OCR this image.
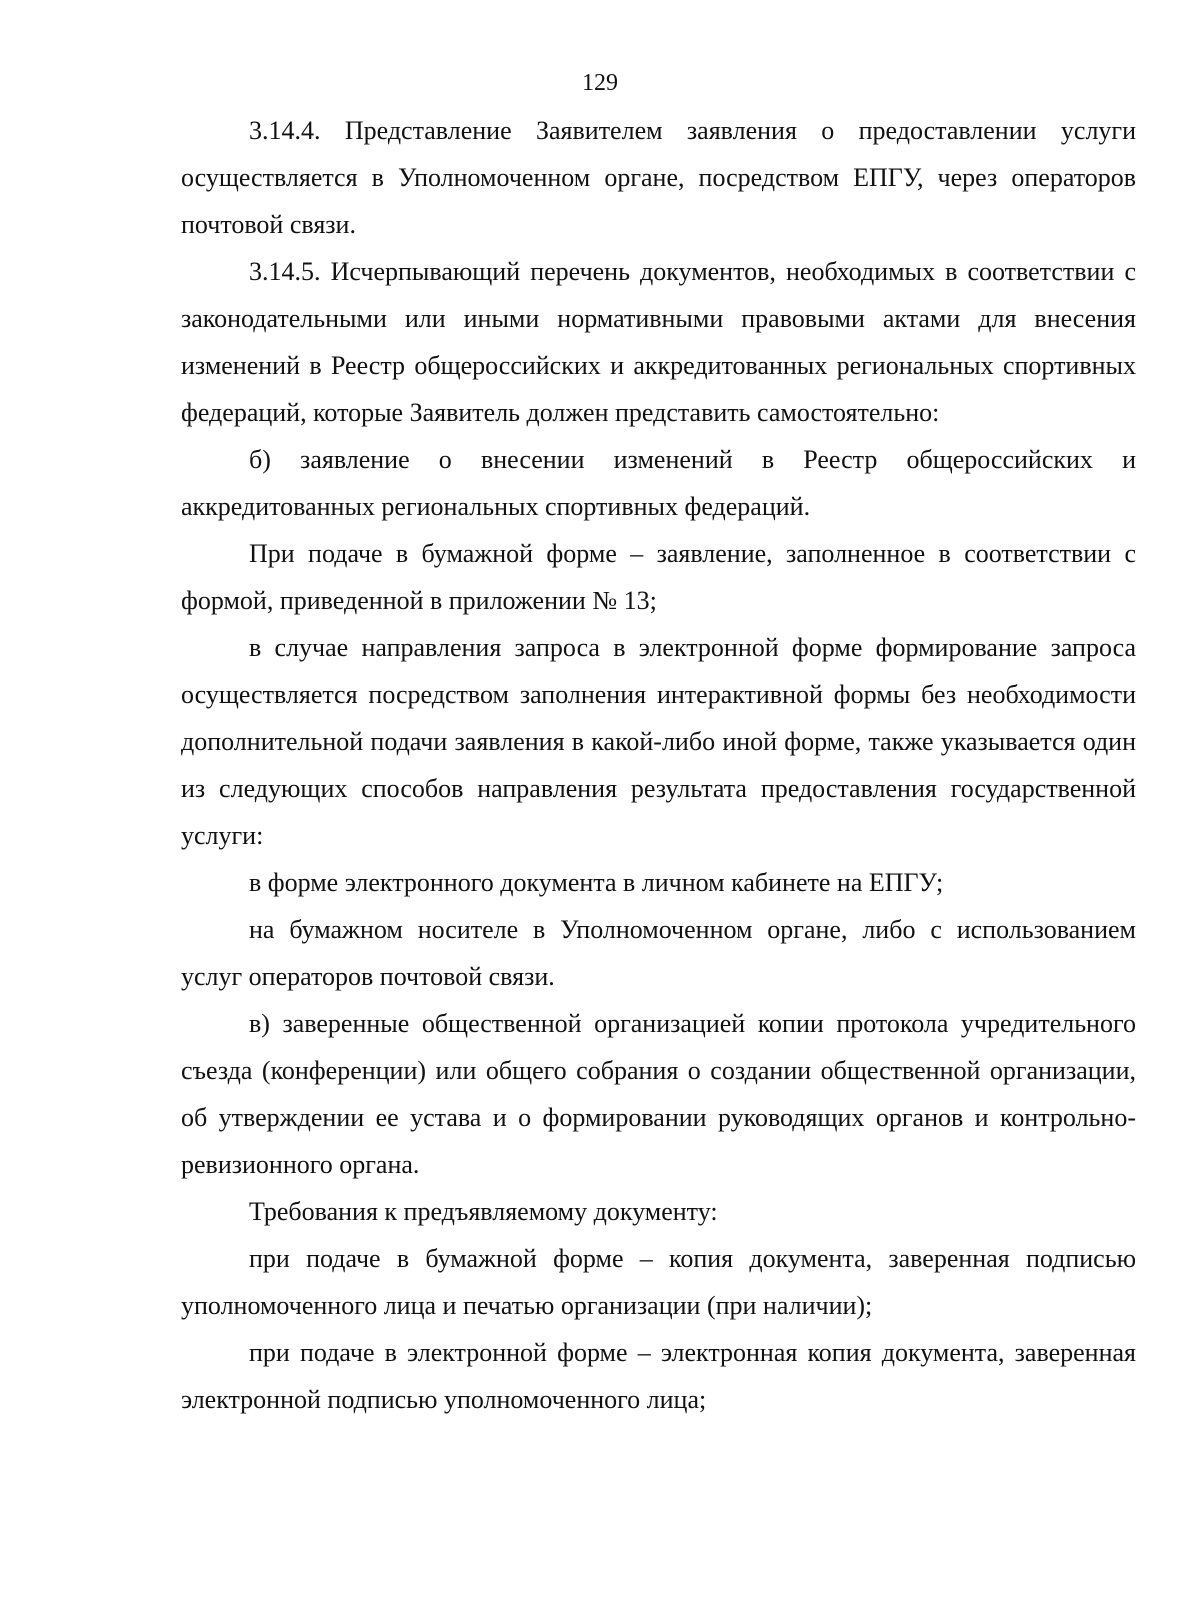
129

3.14.4. Представление Заявителем заявления о предоставлении услуги осуществляется в Уполномоченном органе, посредством ЕПГУ, через операторов почтовой связи.

3.14.5. Исчерпывающий перечень документов, необходимых в соответствии с законодательными или иными нормативными правовыми актами для внесения изменений в Реестр общероссийских и аккредитованных региональных спортивных федераций, которые Заявитель должен представить самостоятельно:

б) заявление о внесении изменений в Реестр общероссийских и аккредитованных региональных спортивных федераций.

При подаче в бумажной форме – заявление, заполненное в соответствии с формой, приведенной в приложении № 13;

в случае направления запроса в электронной форме формирование запроса осуществляется посредством заполнения интерактивной формы без необходимости дополнительной подачи заявления в какой-либо иной форме, также указывается один из следующих способов направления результата предоставления государственной услуги:

в форме электронного документа в личном кабинете на ЕПГУ;

на бумажном носителе в Уполномоченном органе, либо с использованием услуг операторов почтовой связи.

в) заверенные общественной организацией копии протокола учредительного съезда (конференции) или общего собрания о создании общественной организации, об утверждении ее устава и о формировании руководящих органов и контрольно-ревизионного органа.

Требования к предъявляемому документу:

при подаче в бумажной форме – копия документа, заверенная подписью уполномоченного лица и печатью организации (при наличии);

при подаче в электронной форме – электронная копия документа, заверенная электронной подписью уполномоченного лица;
